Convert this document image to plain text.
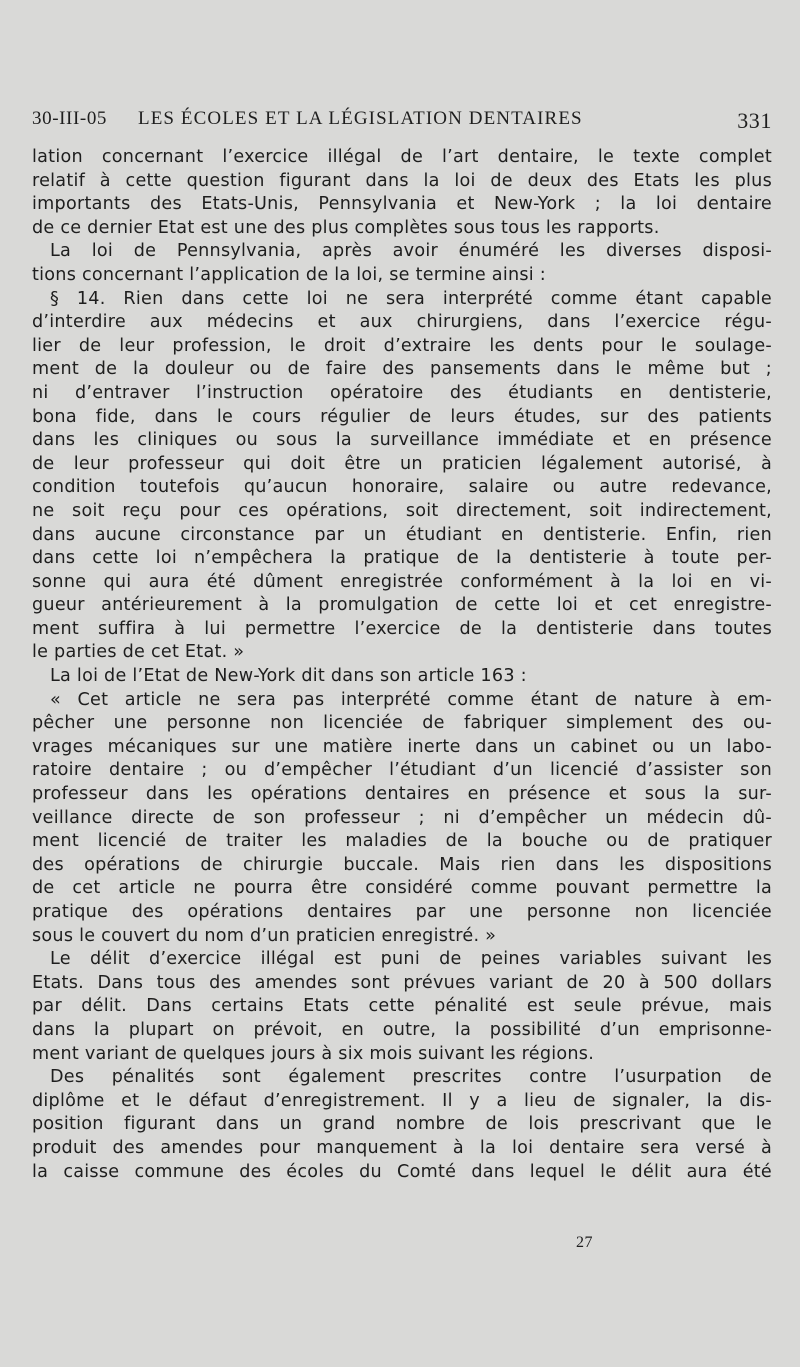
30-III-05 LES ÉCOLES ET LA LÉGISLATION DENTAIRES	331
lation concernant l’exercice illégal de l’art dentaire, le texte complet
relatif à cette question figurant dans la loi de deux des Etats les plus
importants des Etats-Unis, Pennsylvania et New-York ; la loi dentaire
de ce dernier Etat est une des plus complètes sous tous les rapports.
La loi de Pennsylvania, après avoir énuméré les diverses disposi-
tions concernant l’application de la loi, se termine ainsi :
§ 14. Rien dans cette loi ne sera interprété comme étant capable
d’interdire aux médecins et aux chirurgiens, dans l’exercice régu-
lier de leur profession, le droit d’extraire les dents pour le soulage-
ment de la douleur ou de faire des pansements dans le même but ;
ni d’entraver l’instruction opératoire des étudiants en dentisterie,
bona fide, dans le cours régulier de leurs études, sur des patients
dans les cliniques ou sous la surveillance immédiate et en présence
de leur professeur qui doit être un praticien légalement autorisé, à
condition toutefois qu’aucun honoraire, salaire ou autre redevance,
ne soit reçu pour ces opérations, soit directement, soit indirectement,
dans aucune circonstance par un étudiant en dentisterie. Enfin, rien
dans cette loi n’empêchera la pratique de la dentisterie à toute per-
sonne qui aura été dûment enregistrée conformément à la loi en vi-
gueur antérieurement à la promulgation de cette loi et cet enregistre-
ment suffira à lui permettre l’exercice de la dentisterie dans toutes
le parties de cet Etat. »
La loi de l’Etat de New-York dit dans son article 163 :
« Cet article ne sera pas interprété comme étant de nature à em-
pêcher une personne non licenciée de fabriquer simplement des ou-
vrages mécaniques sur une matière inerte dans un cabinet ou un labo-
ratoire dentaire ; ou d’empêcher l’étudiant d’un licencié d’assister son
professeur dans les opérations dentaires en présence et sous la sur-
veillance directe de son professeur ; ni d’empêcher un médecin dû-
ment licencié de traiter les maladies de la bouche ou de pratiquer
des opérations de chirurgie buccale. Mais rien dans les dispositions
de cet article ne pourra être considéré comme pouvant permettre la
pratique des opérations dentaires par une personne non licenciée
sous le couvert du nom d’un praticien enregistré. »
Le délit d’exercice illégal est puni de peines variables suivant les
Etats. Dans tous des amendes sont prévues variant de 20 à 500 dollars
par délit. Dans certains Etats cette pénalité est seule prévue, mais
dans la plupart on prévoit, en outre, la possibilité d’un emprisonne-
ment variant de quelques jours à six mois suivant les régions.
Des pénalités sont également prescrites contre l’usurpation de
diplôme et le défaut d’enregistrement. Il y a lieu de signaler, la dis-
position figurant dans un grand nombre de lois prescrivant que le
produit des amendes pour manquement à la loi dentaire sera versé à
la caisse commune des écoles du Comté dans lequel le délit aura été
27
